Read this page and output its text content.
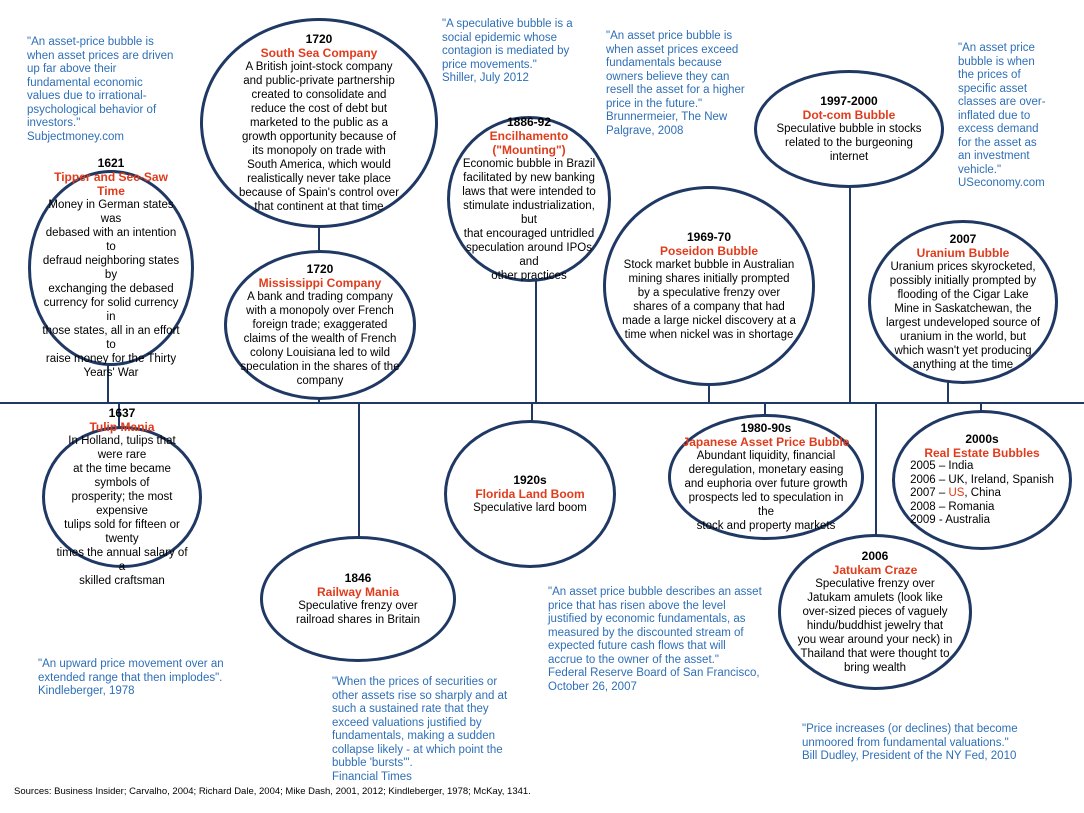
1621
Tipper and See-Saw Time
Money in German states was
debased with an intention to
defraud neighboring states by
exchanging the debased
currency for solid currency in
those states, all in an effort to
raise money for the Thirty
Years' War
1637
Tulip Mania
In Holland, tulips that were rare
at the time became symbols of
prosperity; the most expensive
tulips sold for fifteen or twenty
times the annual salary of a
skilled craftsman
1720
South Sea Company
A British joint-stock company
and public-private partnership
created to consolidate and
reduce the cost of debt but
marketed to the public as a
growth opportunity because of
its monopoly on trade with
South America, which would
realistically never take place
because of Spain's control over
that continent at that time
1720
Mississippi Company
A bank and trading company
with a monopoly over French
foreign trade; exaggerated
claims of the wealth of French
colony Louisiana led to wild
speculation in the shares of the
company
1846
Railway Mania
Speculative frenzy over
railroad shares in Britain
1886-92
Encilhamento ("Mounting")
Economic bubble in Brazil
facilitated by new banking
laws that were intended to
stimulate industrialization, but
that encouraged untridled
speculation around IPOs and
other practices
1920s
Florida Land Boom
Speculative lard boom
1969-70
Poseidon Bubble
Stock market bubble in Australian
mining shares initially prompted
by a speculative frenzy over
shares of a company that had
made a large nickel discovery at a
time when nickel was in shortage
1980-90s
Japanese Asset Price Bubble
Abundant liquidity, financial
deregulation, monetary easing
and euphoria over future growth
prospects led to speculation in the
stock and property markets
1997-2000
Dot-com Bubble
Speculative bubble in stocks
related to the burgeoning
internet
2006
Jatukam Craze
Speculative frenzy over
Jatukam amulets (look like
over-sized pieces of vaguely
hindu/buddhist jewelry that
you wear around your neck) in
Thailand that were thought to
bring wealth
2007
Uranium Bubble
Uranium prices skyrocketed,
possibly initially prompted by
flooding of the Cigar Lake
Mine in Saskatchewan, the
largest undeveloped source of
uranium in the world, but
which wasn't yet producing
anything at the time
2000s
Real Estate Bubbles
2005 – India
2006 – UK, Ireland, Spanish
2007 – US, China
2008 – Romania
2009 - Australia
"An asset-price bubble is
when asset prices are driven
up far above their
fundamental economic
values due to irrational-
psychological behavior of
investors."
Subjectmoney.com
"A speculative bubble is a
social epidemic whose
contagion is mediated by
price movements."
Shiller, July 2012
"An asset price bubble is
when asset prices exceed
fundamentals because
owners believe they can
resell the asset for a higher
price in the future."
Brunnermeier, The New
Palgrave, 2008
"An asset price
bubble is when
the prices of
specific asset
classes are over-
inflated due to
excess demand
for the asset as
an investment
vehicle."
USeconomy.com
"An upward price movement over an
extended range that then implodes".
Kindleberger, 1978
"When the prices of securities or
other assets rise so sharply and at
such a sustained rate that they
exceed valuations justified by
fundamentals, making a sudden
collapse likely - at which point the
bubble 'bursts'".
Financial Times
"An asset price bubble describes an asset
price that has risen above the level
justified by economic fundamentals, as
measured by the discounted stream of
expected future cash flows that will
accrue to the owner of the asset."
Federal Reserve Board of San Francisco,
October 26, 2007
"Price increases (or declines) that become
unmoored from fundamental valuations."
Bill Dudley, President of the NY Fed, 2010
Sources: Business Insider; Carvalho, 2004; Richard Dale, 2004; Mike Dash, 2001, 2012; Kindleberger, 1978; McKay, 1341.
